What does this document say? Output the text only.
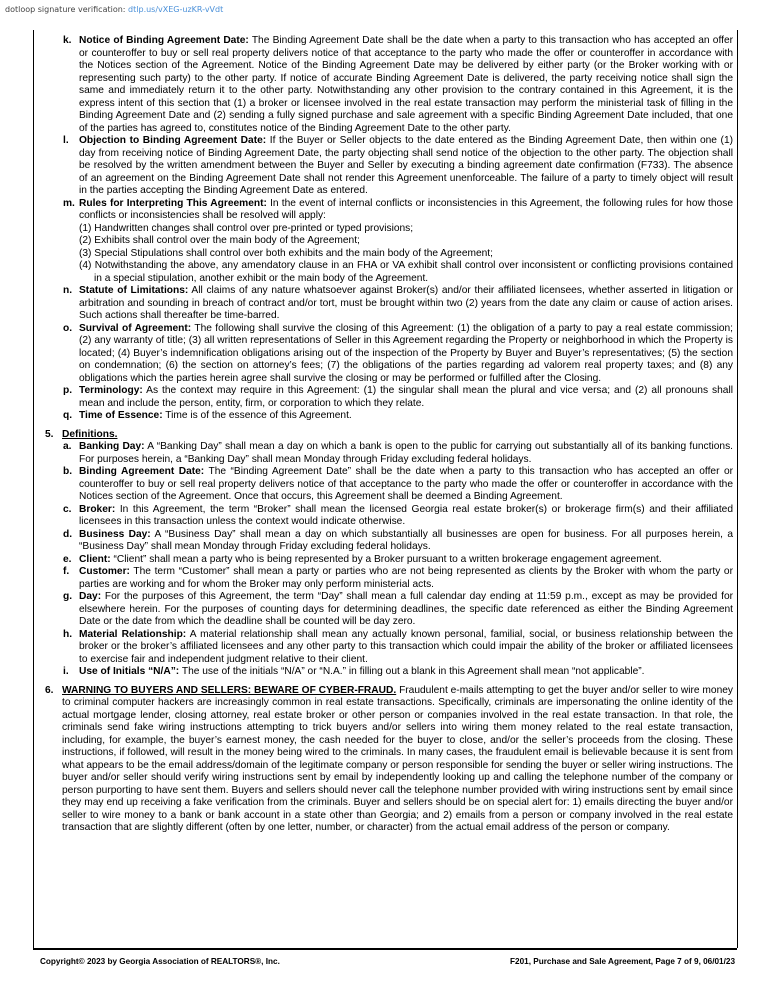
dotloop signature verification: dtlp.us/vXEG-uzKR-vVdt
k. Notice of Binding Agreement Date: The Binding Agreement Date shall be the date when a party to this transaction who has accepted an offer or counteroffer to buy or sell real property delivers notice of that acceptance to the party who made the offer or counteroffer in accordance with the Notices section of the Agreement. Notice of the Binding Agreement Date may be delivered by either party (or the Broker working with or representing such party) to the other party. If notice of accurate Binding Agreement Date is delivered, the party receiving notice shall sign the same and immediately return it to the other party. Notwithstanding any other provision to the contrary contained in this Agreement, it is the express intent of this section that (1) a broker or licensee involved in the real estate transaction may perform the ministerial task of filling in the Binding Agreement Date and (2) sending a fully signed purchase and sale agreement with a specific Binding Agreement Date included, that one of the parties has agreed to, constitutes notice of the Binding Agreement Date to the other party.
l.	Objection to Binding Agreement Date: If the Buyer or Seller objects to the date entered as the Binding Agreement Date, then within one (1) day from receiving notice of Binding Agreement Date, the party objecting shall send notice of the objection to the other party. The objection shall be resolved by the written amendment between the Buyer and Seller by executing a binding agreement date confirmation (F733). The absence of an agreement on the Binding Agreement Date shall not render this Agreement unenforceable. The failure of a party to timely object will result in the parties accepting the Binding Agreement Date as entered.
m. Rules for Interpreting This Agreement: In the event of internal conflicts or inconsistencies in this Agreement, the following rules for how those conflicts or inconsistencies shall be resolved will apply:
(1) Handwritten changes shall control over pre-printed or typed provisions;
(2) Exhibits shall control over the main body of the Agreement;
(3) Special Stipulations shall control over both exhibits and the main body of the Agreement;
(4) Notwithstanding the above, any amendatory clause in an FHA or VA exhibit shall control over inconsistent or conflicting provisions contained in a special stipulation, another exhibit or the main body of the Agreement.
n. Statute of Limitations: All claims of any nature whatsoever against Broker(s) and/or their affiliated licensees, whether asserted in litigation or arbitration and sounding in breach of contract and/or tort, must be brought within two (2) years from the date any claim or cause of action arises. Such actions shall thereafter be time-barred.
o. Survival of Agreement: The following shall survive the closing of this Agreement: (1) the obligation of a party to pay a real estate commission; (2) any warranty of title; (3) all written representations of Seller in this Agreement regarding the Property or neighborhood in which the Property is located; (4) Buyer’s indemnification obligations arising out of the inspection of the Property by Buyer and Buyer’s representatives; (5) the section on condemnation; (6) the section on attorney’s fees; (7) the obligations of the parties regarding ad valorem real property taxes; and (8) any obligations which the parties herein agree shall survive the closing or may be performed or fulfilled after the Closing.
p. Terminology: As the context may require in this Agreement: (1) the singular shall mean the plural and vice versa; and (2) all pronouns shall mean and include the person, entity, firm, or corporation to which they relate.
q. Time of Essence: Time is of the essence of this Agreement.
5. Definitions.
a. Banking Day: A “Banking Day” shall mean a day on which a bank is open to the public for carrying out substantially all of its banking functions. For purposes herein, a “Banking Day” shall mean Monday through Friday excluding federal holidays.
b. Binding Agreement Date: The “Binding Agreement Date” shall be the date when a party to this transaction who has accepted an offer or counteroffer to buy or sell real property delivers notice of that acceptance to the party who made the offer or counteroffer in accordance with the Notices section of the Agreement. Once that occurs, this Agreement shall be deemed a Binding Agreement.
c. Broker: In this Agreement, the term “Broker” shall mean the licensed Georgia real estate broker(s) or brokerage firm(s) and their affiliated licensees in this transaction unless the context would indicate otherwise.
d. Business Day: A “Business Day” shall mean a day on which substantially all businesses are open for business. For all purposes herein, a “Business Day” shall mean Monday through Friday excluding federal holidays.
e. Client: “Client” shall mean a party who is being represented by a Broker pursuant to a written brokerage engagement agreement.
f. Customer: The term “Customer” shall mean a party or parties who are not being represented as clients by the Broker with whom the party or parties are working and for whom the Broker may only perform ministerial acts.
g. Day: For the purposes of this Agreement, the term “Day” shall mean a full calendar day ending at 11:59 p.m., except as may be provided for elsewhere herein. For the purposes of counting days for determining deadlines, the specific date referenced as either the Binding Agreement Date or the date from which the deadline shall be counted will be day zero.
h. Material Relationship: A material relationship shall mean any actually known personal, familial, social, or business relationship between the broker or the broker’s affiliated licensees and any other party to this transaction which could impair the ability of the broker or affiliated licensees to exercise fair and independent judgment relative to their client.
i.	Use of Initials “N/A”: The use of the initials “N/A” or “N.A.” in filling out a blank in this Agreement shall mean “not applicable”.
6. WARNING TO BUYERS AND SELLERS: BEWARE OF CYBER-FRAUD. Fraudulent e-mails attempting to get the buyer and/or seller to wire money to criminal computer hackers are increasingly common in real estate transactions. Specifically, criminals are impersonating the online identity of the actual mortgage lender, closing attorney, real estate broker or other person or companies involved in the real estate transaction. In that role, the criminals send fake wiring instructions attempting to trick buyers and/or sellers into wiring them money related to the real estate transaction, including, for example, the buyer’s earnest money, the cash needed for the buyer to close, and/or the seller’s proceeds from the closing. These instructions, if followed, will result in the money being wired to the criminals. In many cases, the fraudulent email is believable because it is sent from what appears to be the email address/domain of the legitimate company or person responsible for sending the buyer or seller wiring instructions. The buyer and/or seller should verify wiring instructions sent by email by independently looking up and calling the telephone number of the company or person purporting to have sent them. Buyers and sellers should never call the telephone number provided with wiring instructions sent by email since they may end up receiving a fake verification from the criminals. Buyer and sellers should be on special alert for: 1) emails directing the buyer and/or seller to wire money to a bank or bank account in a state other than Georgia; and 2) emails from a person or company involved in the real estate transaction that are slightly different (often by one letter, number, or character) from the actual email address of the person or company.
Copyright© 2023 by Georgia Association of REALTORS®, Inc.	F201, Purchase and Sale Agreement, Page 7 of 9, 06/01/23
